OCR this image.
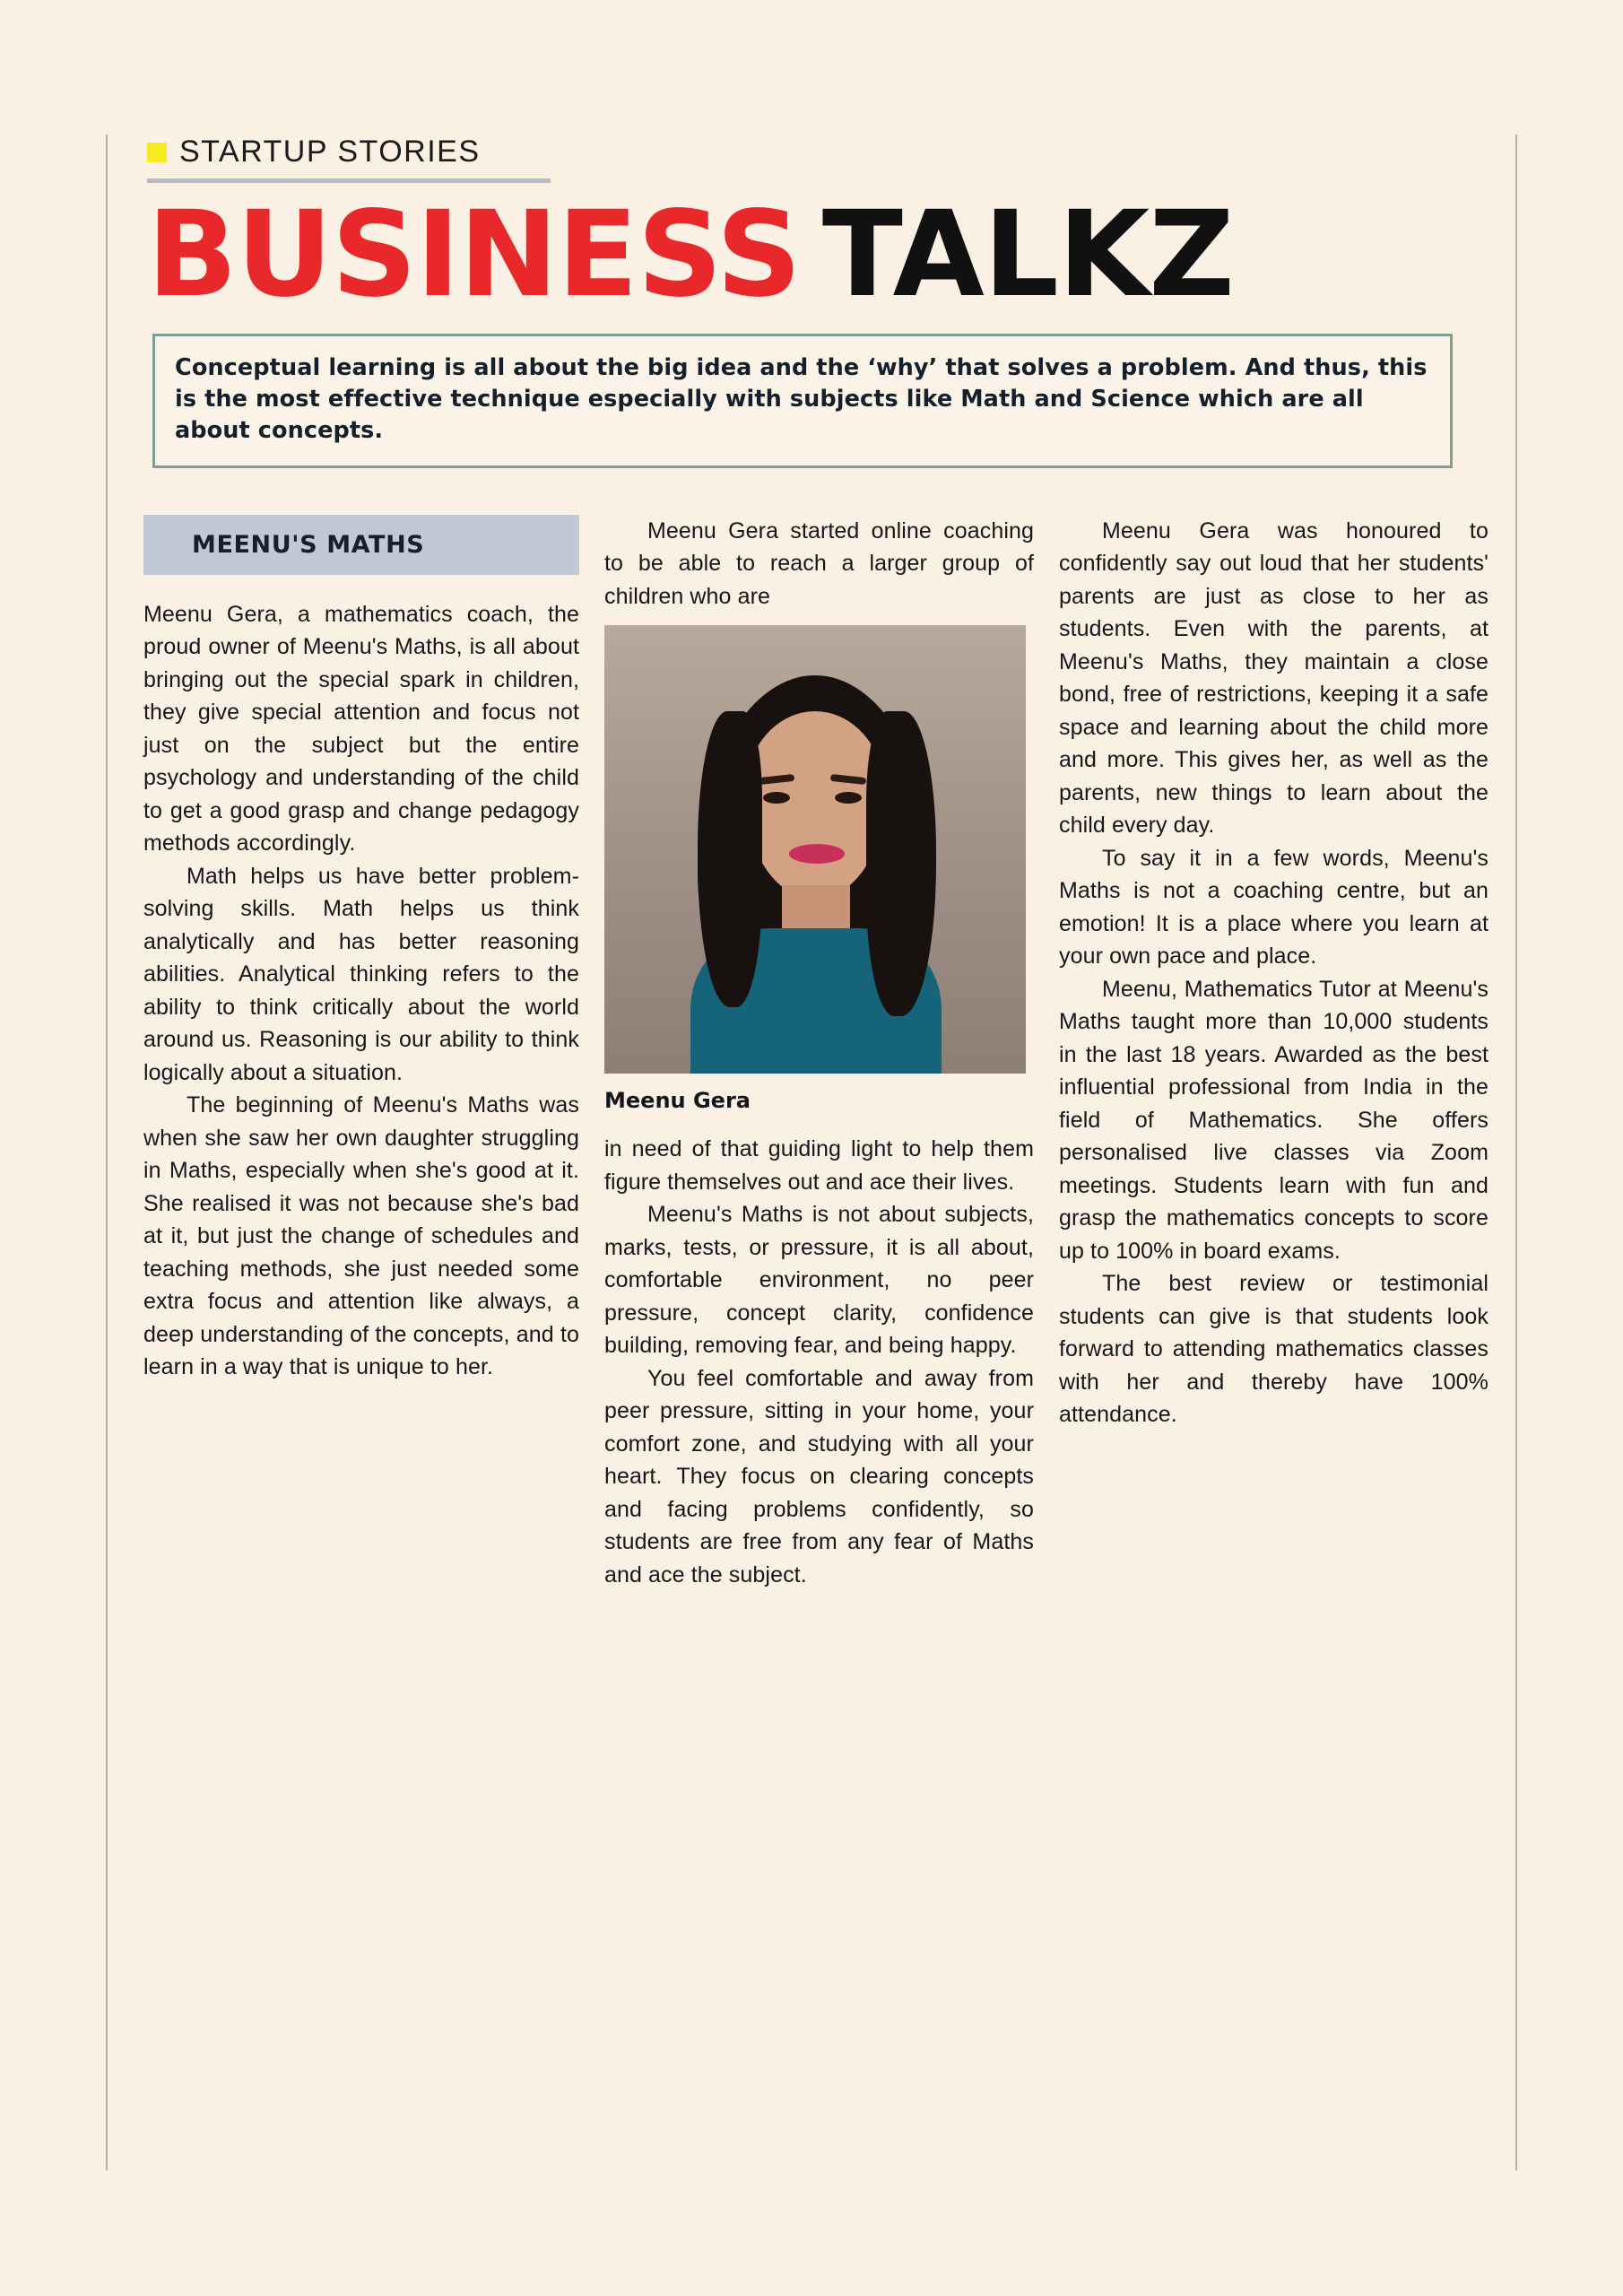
STARTUP STORIES
BUSINESS TALKZ

Conceptual learning is all about the big idea and the ‘why’ that solves a problem. And thus, this is the most effective technique especially with subjects like Math and Science which are all about concepts.

MEENU'S MATHS

Meenu Gera, a mathematics coach, the proud owner of Meenu's Maths, is all about bringing out the special spark in children, they give special attention and focus not just on the subject but the entire psychology and understanding of the child to get a good grasp and change pedagogy methods accordingly.

Math helps us have better problem-solving skills. Math helps us think analytically and has better reasoning abilities. Analytical thinking refers to the ability to think critically about the world around us. Reasoning is our ability to think logically about a situation.

The beginning of Meenu's Maths was when she saw her own daughter struggling in Maths, especially when she's good at it. She realised it was not because she's bad at it, but just the change of schedules and teaching methods, she just needed some extra focus and attention like always, a deep understanding of the concepts, and to learn in a way that is unique to her.

Meenu Gera started online coaching to be able to reach a larger group of children who are

Meenu Gera

in need of that guiding light to help them figure themselves out and ace their lives.

Meenu's Maths is not about subjects, marks, tests, or pressure, it is all about, comfortable environment, no peer pressure, concept clarity, confidence building, removing fear, and being happy.

You feel comfortable and away from peer pressure, sitting in your home, your comfort zone, and studying with all your heart. They focus on clearing concepts and facing problems confidently, so students are free from any fear of Maths and ace the subject.

Meenu Gera was honoured to confidently say out loud that her students' parents are just as close to her as students. Even with the parents, at Meenu's Maths, they maintain a close bond, free of restrictions, keeping it a safe space and learning about the child more and more. This gives her, as well as the parents, new things to learn about the child every day.

To say it in a few words, Meenu's Maths is not a coaching centre, but an emotion! It is a place where you learn at your own pace and place.

Meenu, Mathematics Tutor at Meenu's Maths taught more than 10,000 students in the last 18 years. Awarded as the best influential professional from India in the field of Mathematics. She offers personalised live classes via Zoom meetings. Students learn with fun and grasp the mathematics concepts to score up to 100% in board exams.

The best review or testimonial students can give is that students look forward to attending mathematics classes with her and thereby have 100% attendance.
